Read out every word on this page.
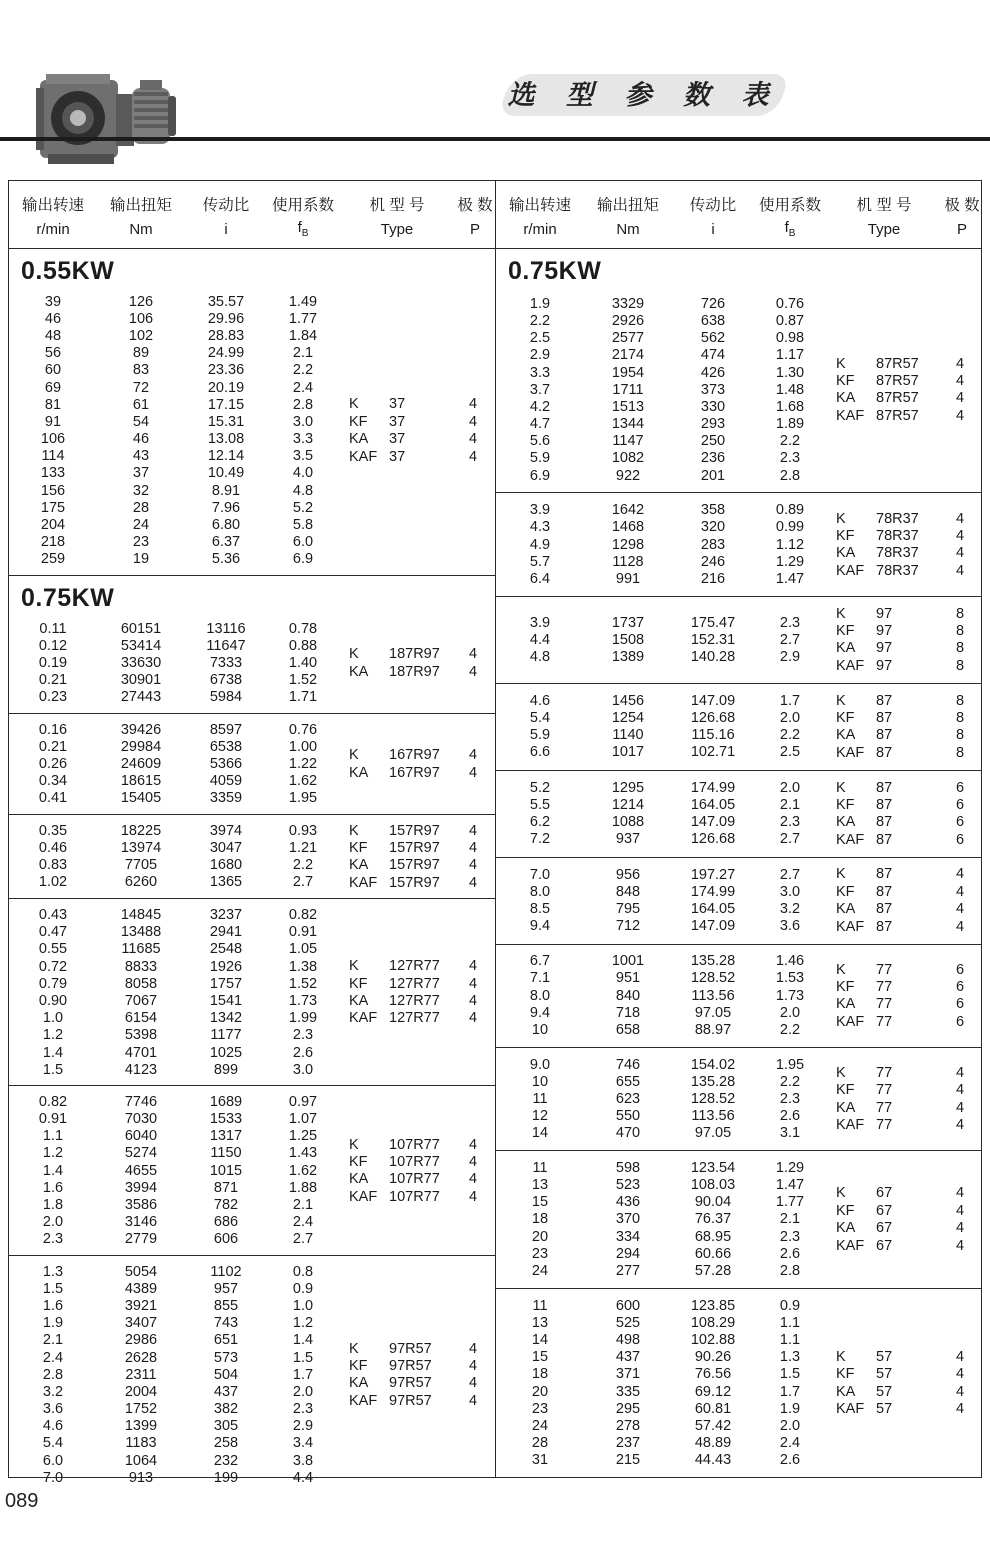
选 型 参 数 表
输出转速	输出扭矩	传动比	使用系数	机 型 号	极 数
r/min	Nm	i	$f_B$	Type	P
0.55KW
39	126	35.57	1.49
46	106	29.96	1.77
48	102	28.83	1.84
56	89	24.99	2.1
60	83	23.36	2.2
69	72	20.19	2.4
81	61	17.15	2.8
91	54	15.31	3.0
106	46	13.08	3.3
114	43	12.14	3.5
133	37	10.49	4.0
156	32	8.91	4.8
175	28	7.96	5.2
204	24	6.80	5.8
218	23	6.37	6.0
259	19	5.36	6.9
K	37	4
KF	37	4
KA	37	4
KAF 37	4
0.75KW
0.11	60151	13116	0.78
0.12	53414	11647	0.88
0.19	33630	7333	1.40
0.21	30901	6738	1.52
0.23	27443	5984	1.71
K	187R97	4
KA	187R97	4
0.16	39426	8597	0.76
0.21	29984	6538	1.00
0.26	24609	5366	1.22
0.34	18615	4059	1.62
0.41	15405	3359	1.95
K	167R97	4
KA	167R97	4
0.35	18225	3974	0.93
0.46	13974	3047	1.21
0.83	7705	1680	2.2
1.02	6260	1365	2.7
K	157R97	4
KF	157R97	4
KA	157R97	4
KAF 157R97	4
0.43	14845	3237	0.82
0.47	13488	2941	0.91
0.55	11685	2548	1.05
0.72	8833	1926	1.38
0.79	8058	1757	1.52
0.90	7067	1541	1.73
1.0	6154	1342	1.99
1.2	5398	1177	2.3
1.4	4701	1025	2.6
1.5	4123	899	3.0
K	127R77	4
KF	127R77	4
KA	127R77	4
KAF 127R77	4
0.82	7746	1689	0.97
0.91	7030	1533	1.07
1.1	6040	1317	1.25
1.2	5274	1150	1.43
1.4	4655	1015	1.62
1.6	3994	871	1.88
1.8	3586	782	2.1
2.0	3146	686	2.4
2.3	2779	606	2.7
K	107R77	4
KF	107R77	4
KA	107R77	4
KAF 107R77	4
1.3	5054	1102	0.8
1.5	4389	957	0.9
1.6	3921	855	1.0
1.9	3407	743	1.2
2.1	2986	651	1.4
2.4	2628	573	1.5
2.8	2311	504	1.7
3.2	2004	437	2.0
3.6	1752	382	2.3
4.6	1399	305	2.9
5.4	1183	258	3.4
6.0	1064	232	3.8
7.0	913	199	4.4
K	97R57	4
KF	97R57	4
KA	97R57	4
KAF 97R57	4
输出转速	输出扭矩	传动比	使用系数	机 型 号	极 数
r/min	Nm	i	$f_B$	Type	P
0.75KW
1.9	3329	726	0.76
2.2	2926	638	0.87
2.5	2577	562	0.98
2.9	2174	474	1.17
3.3	1954	426	1.30
3.7	1711	373	1.48
4.2	1513	330	1.68
4.7	1344	293	1.89
5.6	1147	250	2.2
5.9	1082	236	2.3
6.9	922	201	2.8
K	87R57	4
KF	87R57	4
KA	87R57	4
KAF 87R57	4
3.9	1642	358	0.89
4.3	1468	320	0.99
4.9	1298	283	1.12
5.7	1128	246	1.29
6.4	991	216	1.47
K	78R37	4
KF	78R37	4
KA	78R37	4
KAF 78R37	4
3.9	1737	175.47	2.3
4.4	1508	152.31	2.7
4.8	1389	140.28	2.9
K	97	8
KF	97	8
KA	97	8
KAF 97	8
4.6	1456	147.09	1.7
5.4	1254	126.68	2.0
5.9	1140	115.16	2.2
6.6	1017	102.71	2.5
K	87	8
KF	87	8
KA	87	8
KAF 87	8
5.2	1295	174.99	2.0
5.5	1214	164.05	2.1
6.2	1088	147.09	2.3
7.2	937	126.68	2.7
K	87	6
KF	87	6
KA	87	6
KAF 87	6
7.0	956	197.27	2.7
8.0	848	174.99	3.0
8.5	795	164.05	3.2
9.4	712	147.09	3.6
K	87	4
KF	87	4
KA	87	4
KAF 87	4
6.7	1001	135.28	1.46
7.1	951	128.52	1.53
8.0	840	113.56	1.73
9.4	718	97.05	2.0
10	658	88.97	2.2
K	77	6
KF	77	6
KA	77	6
KAF 77	6
9.0	746	154.02	1.95
10	655	135.28	2.2
11	623	128.52	2.3
12	550	113.56	2.6
14	470	97.05	3.1
K	77	4
KF	77	4
KA	77	4
KAF 77	4
11	598	123.54	1.29
13	523	108.03	1.47
15	436	90.04	1.77
18	370	76.37	2.1
20	334	68.95	2.3
23	294	60.66	2.6
24	277	57.28	2.8
K	67	4
KF	67	4
KA	67	4
KAF 67	4
11	600	123.85	0.9
13	525	108.29	1.1
14	498	102.88	1.1
15	437	90.26	1.3
18	371	76.56	1.5
20	335	69.12	1.7
23	295	60.81	1.9
24	278	57.42	2.0
28	237	48.89	2.4
31	215	44.43	2.6
K	57	4
KF	57	4
KA	57	4
KAF 57	4
089
